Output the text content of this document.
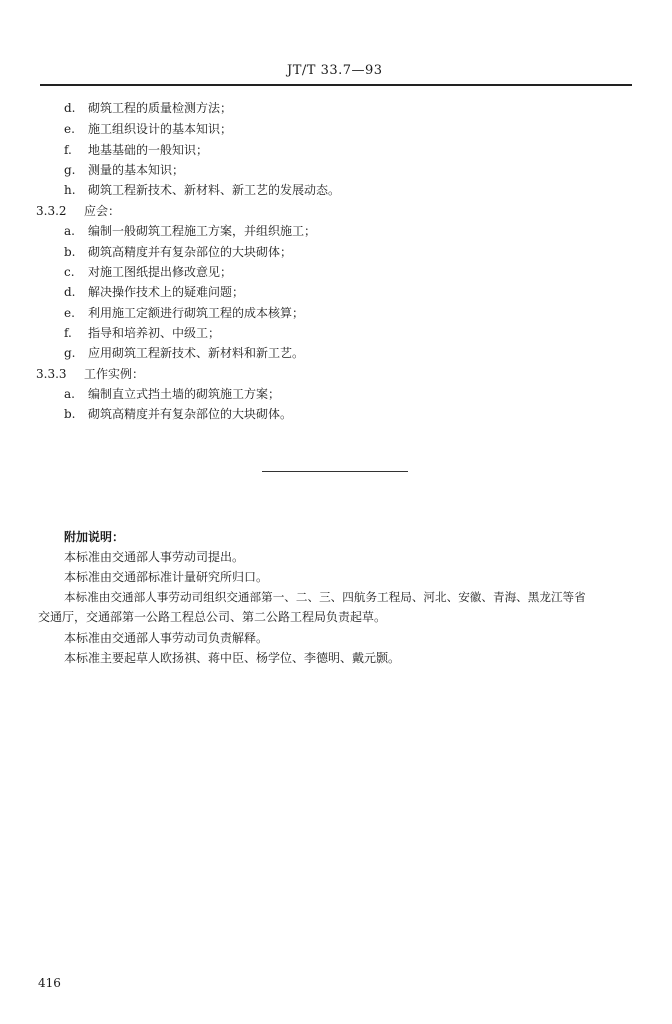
JT/T 33.7—93
d. 砌筑工程的质量检测方法；
e. 施工组织设计的基本知识；
f. 地基基础的一般知识；
g. 测量的基本知识；
h. 砌筑工程新技术、新材料、新工艺的发展动态。
3.3.2 应会：
a. 编制一般砌筑工程施工方案，并组织施工；
b. 砌筑高精度并有复杂部位的大块砌体；
c. 对施工图纸提出修改意见；
d. 解决操作技术上的疑难问题；
e. 利用施工定额进行砌筑工程的成本核算；
f. 指导和培养初、中级工；
g. 应用砌筑工程新技术、新材料和新工艺。
3.3.3 工作实例：
a. 编制直立式挡土墙的砌筑施工方案；
b. 砌筑高精度并有复杂部位的大块砌体。
附加说明：
本标准由交通部人事劳动司提出。
本标准由交通部标准计量研究所归口。
本标准由交通部人事劳动司组织交通部第一、二、三、四航务工程局、河北、安徽、青海、黑龙江等省
交通厅，交通部第一公路工程总公司、第二公路工程局负责起草。
本标准由交通部人事劳动司负责解释。
本标准主要起草人欧扬祺、蒋中臣、杨学位、李德明、戴元颢。
416
